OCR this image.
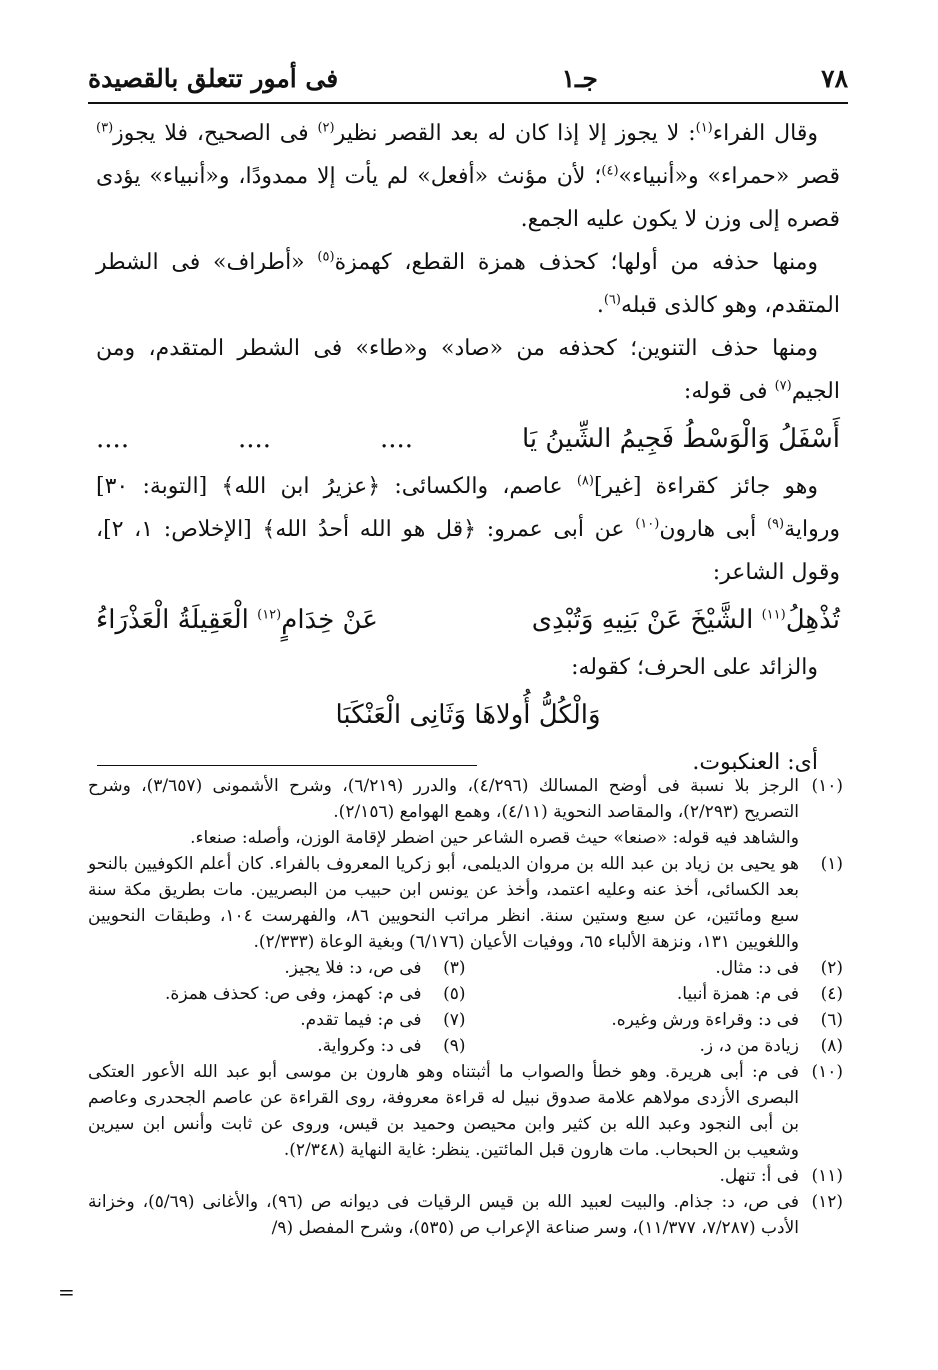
٧٨
جـ١
فى أمور تتعلق بالقصيدة

وقال الفراء$^{(١)}$: لا يجوز إلا إذا كان له بعد القصر نظير$^{(٢)}$ فى الصحيح، فلا يجوز$^{(٣)}$ قصر «حمراء» و«أنبياء»$^{(٤)}$؛ لأن مؤنث «أفعل» لم يأت إلا ممدودًا، و«أنبياء» يؤدى قصره إلى وزن لا يكون عليه الجمع.

ومنها حذفه من أولها؛ كحذف همزة القطع، كهمزة$^{(٥)}$ «أطراف» فى الشطر المتقدم، وهو كالذى قبله$^{(٦)}$.

ومنها حذف التنوين؛ كحذفه من «صاد» و«طاء» فى الشطر المتقدم، ومن الجيم$^{(٧)}$ فى قوله:

أَسْفَلُ وَالْوَسْطُ فَجِيمُ الشِّينُ يَا
....
....
....

وهو جائز كقراءة [غير]$^{(٨)}$ عاصم، والكسائى: ﴿عزيرُ ابن الله﴾ [التوبة: ٣٠] ورواية$^{(٩)}$ أبى هارون$^{(١٠)}$ عن أبى عمرو: ﴿قل هو الله أحدُ الله﴾ [الإخلاص: ١، ٢]، وقول الشاعر:

تُذْهِلُ$^{(١١)}$ الشَّيْخَ عَنْ بَنِيهِ وَتُبْدِى
عَنْ خِدَامٍ$^{(١٢)}$ الْعَقِيلَةُ الْعَذْرَاءُ

والزائد على الحرف؛ كقوله:

وَالْكُلُّ أُولاهَا وَثَانِى الْعَنْكَبَا

أى: العنكبوت.

(١٠)
الرجز بلا نسبة فى أوضح المسالك (٤/٢٩٦)، والدرر (٦/٢١٩)، وشرح الأشمونى (٣/٦٥٧)، وشرح التصريح (٢/٢٩٣)، والمقاصد النحوية (٤/١١)، وهمع الهوامع (٢/١٥٦).
والشاهد فيه قوله: «صنعا» حيث قصره الشاعر حين اضطر لإقامة الوزن، وأصله: صنعاء.
(١)
هو يحيى بن زياد بن عبد الله بن مروان الديلمى، أبو زكريا المعروف بالفراء. كان أعلم الكوفيين بالنحو بعد الكسائى، أخذ عنه وعليه اعتمد، وأخذ عن يونس ابن حبيب من البصريين. مات بطريق مكة سنة سبع ومائتين، عن سبع وستين سنة. انظر مراتب النحويين ٨٦، والفهرست ١٠٤، وطبقات النحويين واللغويين ١٣١، ونزهة الألباء ٦٥، ووفيات الأعيان (٦/١٧٦) وبغية الوعاة (٢/٣٣٣).
(٢)
فى د: مثال.
(٣)
فى ص، د: فلا يجيز.
(٤)
فى م: همزة أنبيا.
(٥)
فى م: كهمز، وفى ص: كحذف همزة.
(٦)
فى د: وقراءة ورش وغيره.
(٧)
فى م: فيما تقدم.
(٨)
زيادة من د، ز.
(٩)
فى د: وكرواية.
(١٠)
فى م: أبى هريرة. وهو خطأ والصواب ما أثبتناه وهو هارون بن موسى أبو عبد الله الأعور العتكى البصرى الأزدى مولاهم علامة صدوق نبيل له قراءة معروفة، روى القراءة عن عاصم الجحدرى وعاصم بن أبى النجود وعبد الله بن كثير وابن محيصن وحميد بن قيس، وروى عن ثابت وأنس ابن سيرين وشعيب بن الحبحاب. مات هارون قبل المائتين. ينظر: غاية النهاية (٢/٣٤٨).
(١١)
فى أ: تنهل.
(١٢)
فى ص، د: جذام. والبيت لعبيد الله بن قيس الرقيات فى ديوانه ص (٩٦)، والأغانى (٥/٦٩)، وخزانة الأدب (٧/٢٨٧، ١١/٣٧٧)، وسر صناعة الإعراب ص (٥٣٥)، وشرح المفصل (٩/
=
